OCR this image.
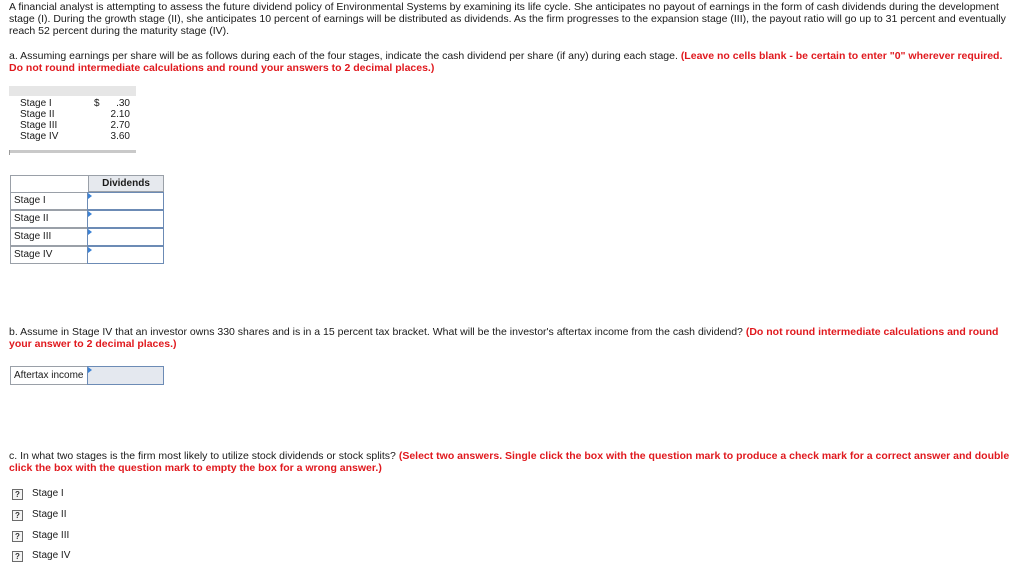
A financial analyst is attempting to assess the future dividend policy of Environmental Systems by examining its life cycle. She anticipates no payout of earnings in the form of cash dividends during the development stage (I). During the growth stage (II), she anticipates 10 percent of earnings will be distributed as dividends. As the firm progresses to the expansion stage (III), the payout ratio will go up to 31 percent and eventually reach 52 percent during the maturity stage (IV).
a. Assuming earnings per share will be as follows during each of the four stages, indicate the cash dividend per share (if any) during each stage. (Leave no cells blank - be certain to enter "0" wherever required. Do not round intermediate calculations and round your answers to 2 decimal places.)
Stage I	$ .30
Stage II	2.10
Stage III	2.70
Stage IV	3.60
Dividends
Stage I
Stage II
Stage III
Stage IV
b. Assume in Stage IV that an investor owns 330 shares and is in a 15 percent tax bracket. What will be the investor's aftertax income from the cash dividend? (Do not round intermediate calculations and round your answer to 2 decimal places.)
Aftertax income
c. In what two stages is the firm most likely to utilize stock dividends or stock splits? (Select two answers. Single click the box with the question mark to produce a check mark for a correct answer and double click the box with the question mark to empty the box for a wrong answer.)
?	Stage I
?	Stage II
?	Stage III
?	Stage IV
